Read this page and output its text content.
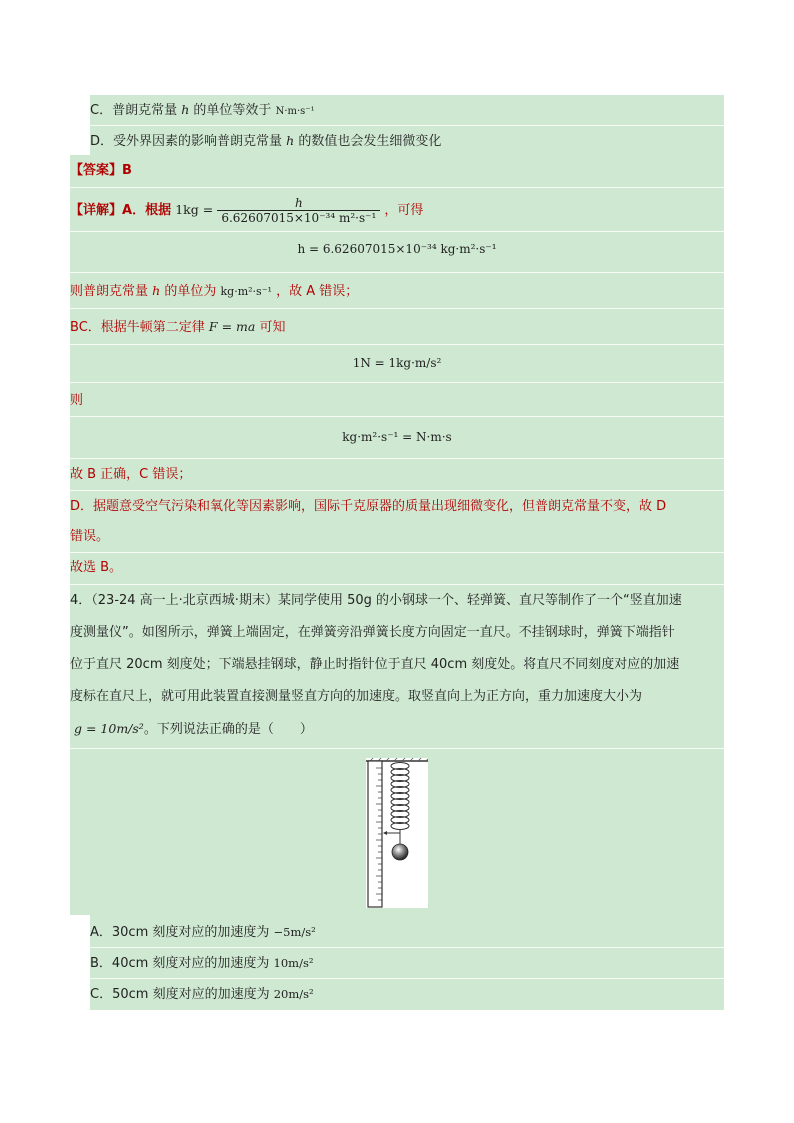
C．普朗克常量 h 的单位等效于 N·m·s⁻¹
D．受外界因素的影响普朗克常量 h 的数值也会发生细微变化
【答案】B
【详解】A．根据 $1kg = \frac{h}{\text{6.62607015×10⁻³⁴ m²·s⁻¹}}$ ，可得
h = 6.62607015×10⁻³⁴ kg·m²·s⁻¹
则普朗克常量 h 的单位为 kg·m²·s⁻¹ ，故 A 错误；
BC．根据牛顿第二定律 F = ma 可知
1N = 1kg·m/s²
则
kg·m²·s⁻¹ = N·m·s
故 B 正确，C 错误；
D．据题意受空气污染和氧化等因素影响，国际千克原器的质量出现细微变化，但普朗克常量不变，故 D
错误。
故选 B。
4．（23-24 高一上·北京西城·期末）某同学使用 50g 的小钢球一个、轻弹簧、直尺等制作了一个“竖直加速
度测量仪”。如图所示，弹簧上端固定，在弹簧旁沿弹簧长度方向固定一直尺。不挂钢球时，弹簧下端指针
位于直尺 20cm 刻度处；下端悬挂钢球，静止时指针位于直尺 40cm 刻度处。将直尺不同刻度对应的加速
度标在直尺上，就可用此装置直接测量竖直方向的加速度。取竖直向上为正方向，重力加速度大小为
g = 10m/s²。下列说法正确的是（　　）
A．30cm 刻度对应的加速度为 −5m/s²
B．40cm 刻度对应的加速度为 10m/s²
C．50cm 刻度对应的加速度为 20m/s²
